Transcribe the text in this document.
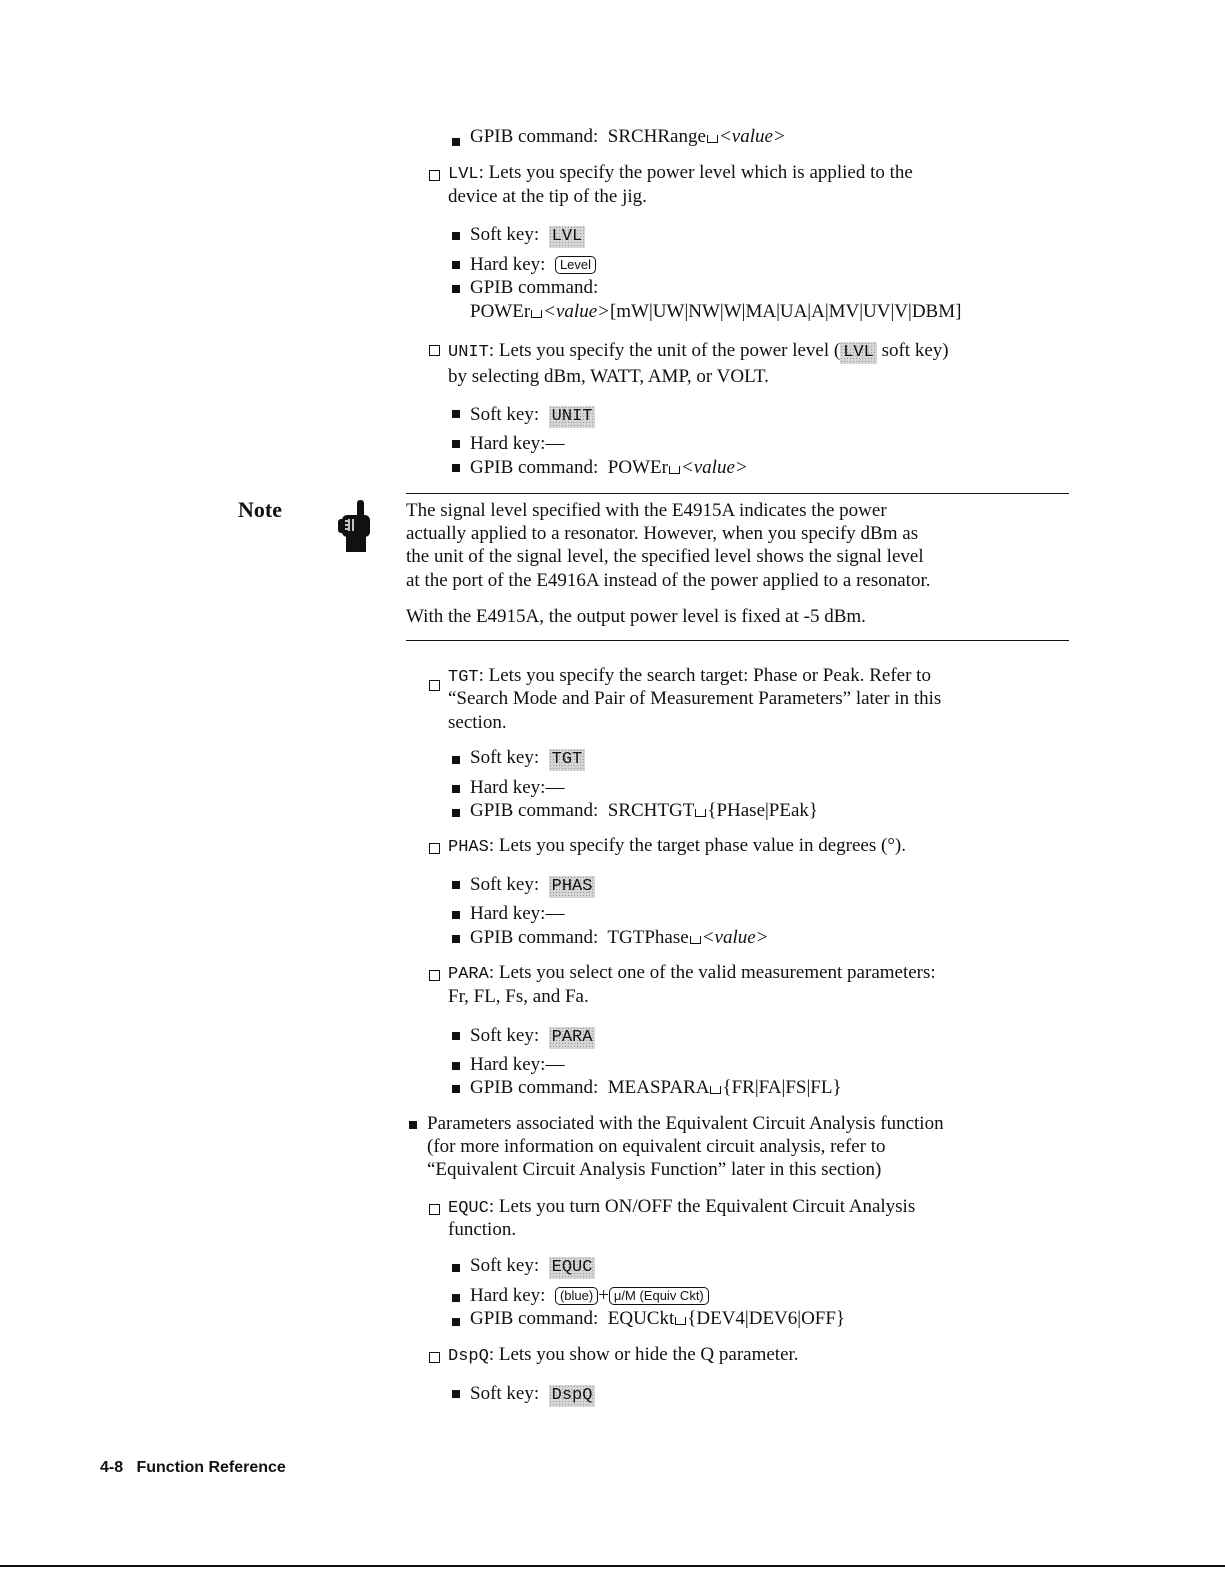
GPIB command: SRCHRange <value>
LVL: Lets you specify the power level which is applied to the
device at the tip of the jig.
Soft key: LVL
Hard key: Level
GPIB command:
POWEr <value>[mW|UW|NW|W|MA|UA|A|MV|UV|V|DBM]
UNIT: Lets you specify the unit of the power level ( LVL soft key)
by selecting dBm, WATT, AMP, or VOLT.
Soft key: UNIT
Hard key:—
GPIB command: POWEr <value>
Note	The signal level specified with the E4915A indicates the power
actually applied to a resonator. However, when you specify dBm as
the unit of the signal level, the specified level shows the signal level
at the port of the E4916A instead of the power applied to a resonator.
With the E4915A, the output power level is fixed at -5 dBm.
TGT: Lets you specify the search target: Phase or Peak. Refer to
“Search Mode and Pair of Measurement Parameters” later in this
section.
Soft key: TGT
Hard key:—
GPIB command: SRCHTGT {PHase|PEak}
PHAS: Lets you specify the target phase value in degrees (°).
Soft key: PHAS
Hard key:—
GPIB command: TGTPhase <value>
PARA: Lets you select one of the valid measurement parameters:
Fr, FL, Fs, and Fa.
Soft key: PARA
Hard key:—
GPIB command: MEASPARA {FR|FA|FS|FL}
Parameters associated with the Equivalent Circuit Analysis function
(for more information on equivalent circuit analysis, refer to
“Equivalent Circuit Analysis Function” later in this section)
EQUC: Lets you turn ON/OFF the Equivalent Circuit Analysis
function.
Soft key: EQUC
Hard key: (blue) + μ/M (Equiv Ckt)
GPIB command: EQUCkt {DEV4|DEV6|OFF}
DspQ: Lets you show or hide the Q parameter.
Soft key: DspQ
4-8 Function Reference
